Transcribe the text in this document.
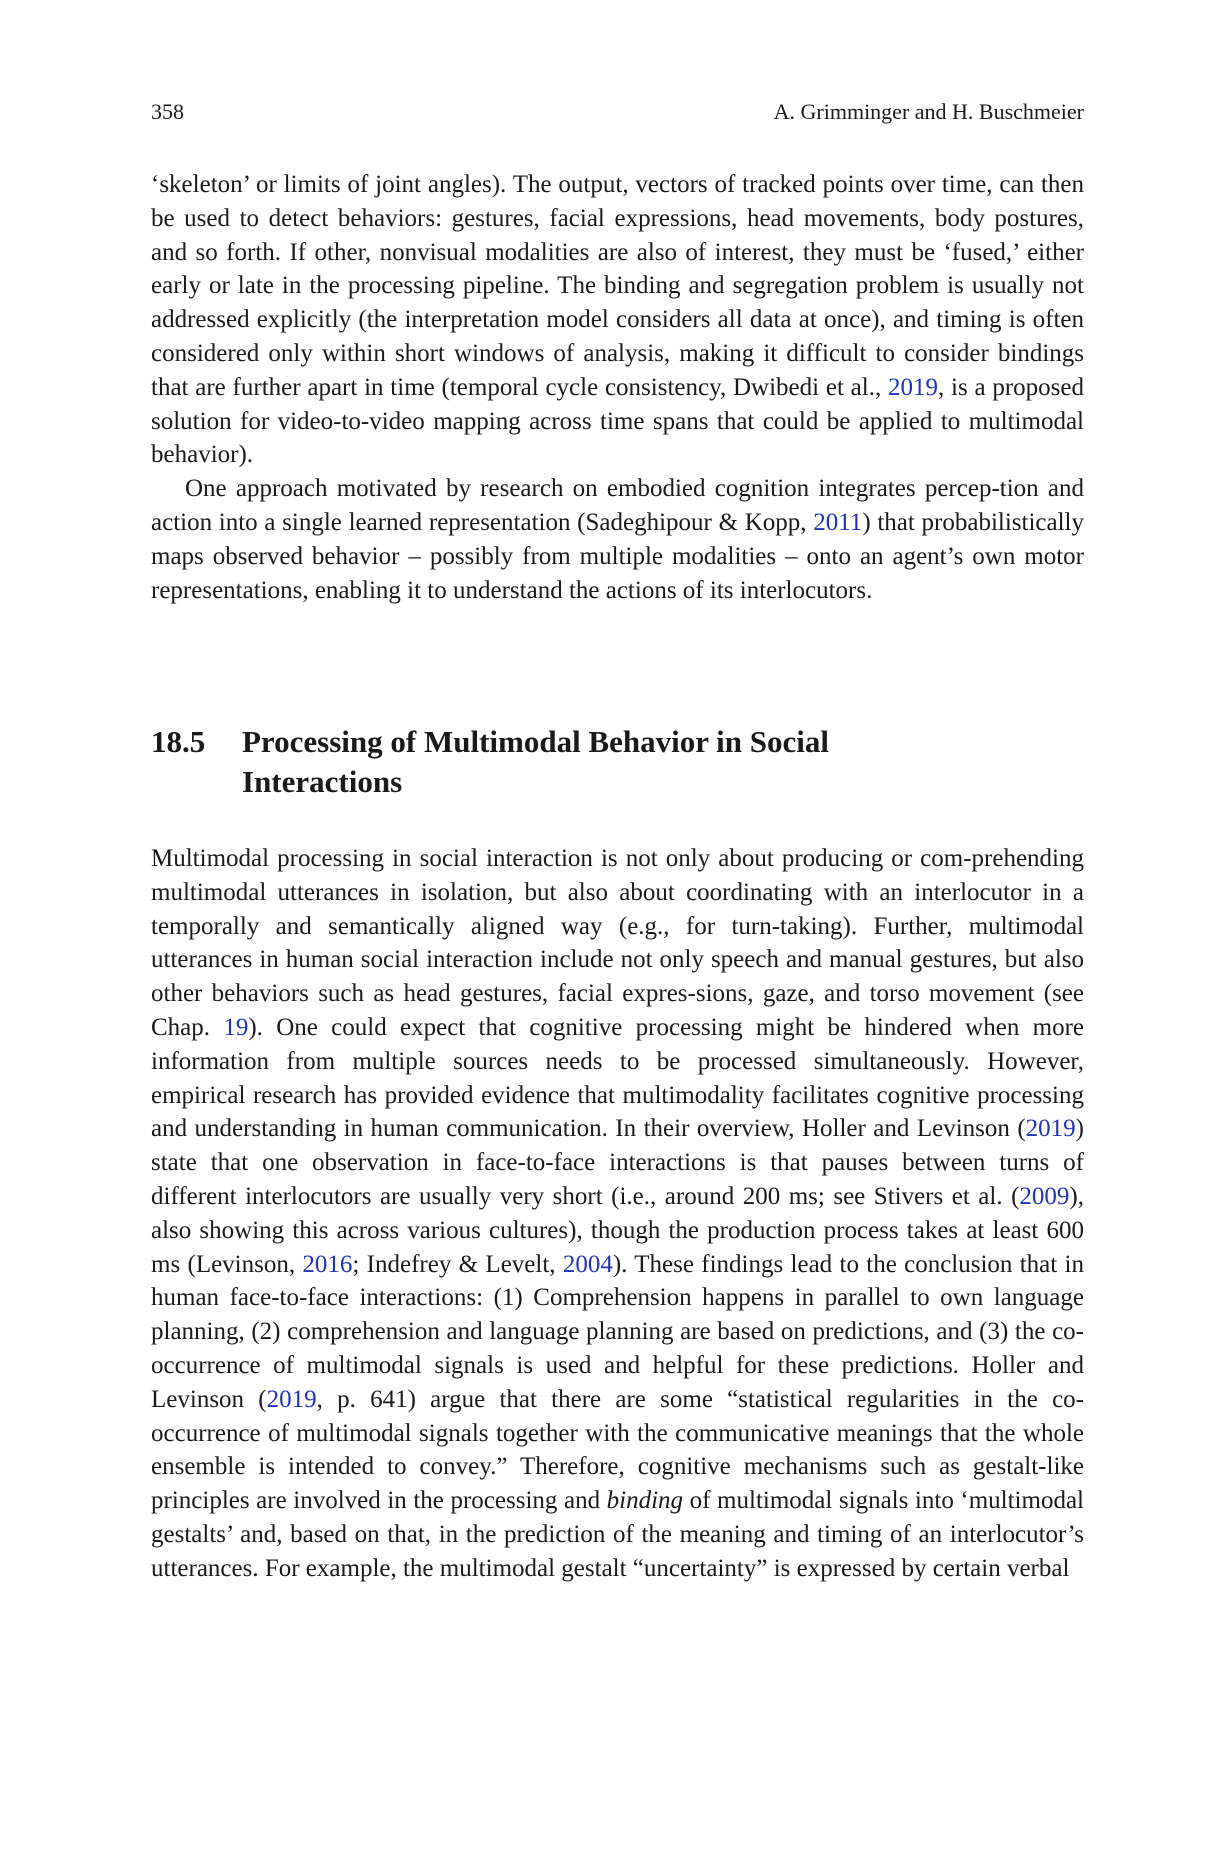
358	A. Grimminger and H. Buschmeier

‘skeleton’ or limits of joint angles). The output, vectors of tracked points over time, can then be used to detect behaviors: gestures, facial expressions, head movements, body postures, and so forth. If other, nonvisual modalities are also of interest, they must be ‘fused,’ either early or late in the processing pipeline. The binding and segregation problem is usually not addressed explicitly (the interpretation model considers all data at once), and timing is often considered only within short windows of analysis, making it difficult to consider bindings that are further apart in time (temporal cycle consistency, Dwibedi et al., 2019, is a proposed solution for video-to-video mapping across time spans that could be applied to multimodal behavior).

One approach motivated by research on embodied cognition integrates percep-tion and action into a single learned representation (Sadeghipour & Kopp, 2011) that probabilistically maps observed behavior – possibly from multiple modalities – onto an agent’s own motor representations, enabling it to understand the actions of its interlocutors.

18.5 Processing of Multimodal Behavior in Social
Interactions

Multimodal processing in social interaction is not only about producing or com-prehending multimodal utterances in isolation, but also about coordinating with an interlocutor in a temporally and semantically aligned way (e.g., for turn-taking). Further, multimodal utterances in human social interaction include not only speech and manual gestures, but also other behaviors such as head gestures, facial expres-sions, gaze, and torso movement (see Chap. 19). One could expect that cognitive processing might be hindered when more information from multiple sources needs to be processed simultaneously. However, empirical research has provided evidence that multimodality facilitates cognitive processing and understanding in human communication. In their overview, Holler and Levinson (2019) state that one observation in face-to-face interactions is that pauses between turns of different interlocutors are usually very short (i.e., around 200 ms; see Stivers et al. (2009), also showing this across various cultures), though the production process takes at least 600 ms (Levinson, 2016; Indefrey & Levelt, 2004). These findings lead to the conclusion that in human face-to-face interactions: (1) Comprehension happens in parallel to own language planning, (2) comprehension and language planning are based on predictions, and (3) the co-occurrence of multimodal signals is used and helpful for these predictions. Holler and Levinson (2019, p. 641) argue that there are some “statistical regularities in the co-occurrence of multimodal signals together with the communicative meanings that the whole ensemble is intended to convey.” Therefore, cognitive mechanisms such as gestalt-like principles are involved in the processing and binding of multimodal signals into ‘multimodal gestalts’ and, based on that, in the prediction of the meaning and timing of an interlocutor’s utterances. For example, the multimodal gestalt “uncertainty” is expressed by certain verbal
